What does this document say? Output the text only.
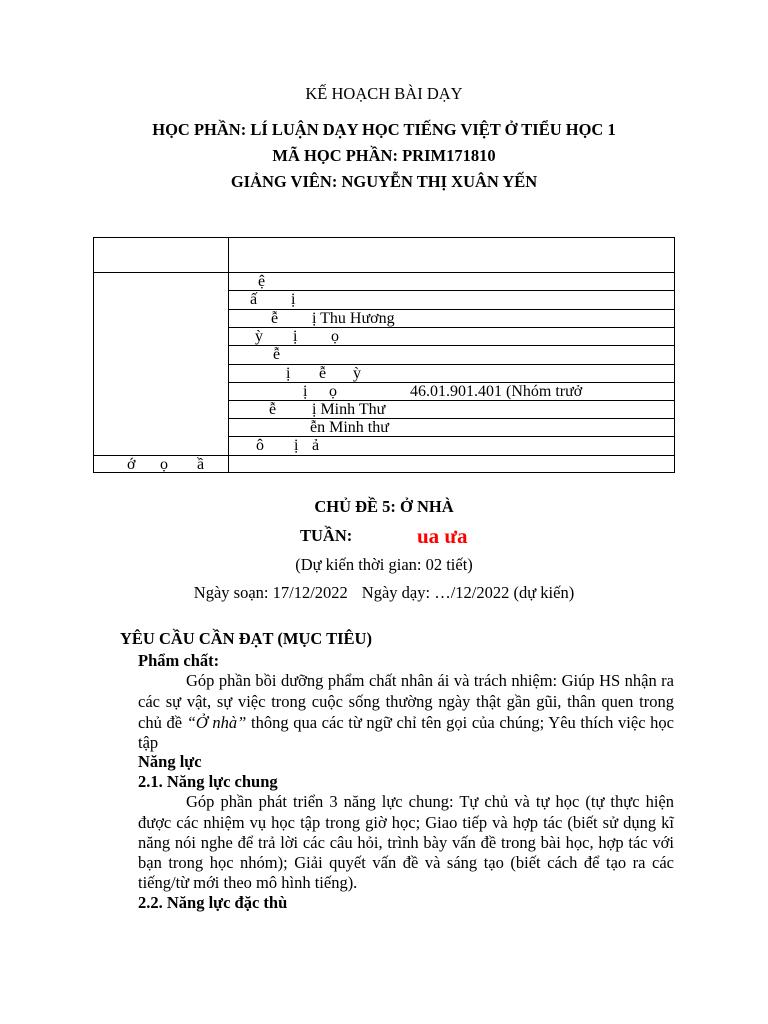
KẾ HOẠCH BÀI DẠY
HỌC PHẦN: LÍ LUẬN DẠY HỌC TIẾNG VIỆT Ở TIỂU HỌC 1
MÃ HỌC PHẦN: PRIM171810
GIẢNG VIÊN: NGUYỄN THỊ XUÂN YẾN
ệ
ấ ị
ễ ị Thu Hương
ỳ ị ọ
ễ
ị ễ ỳ
ị ọ	46.01.901.401 (Nhóm trưở
ễ ị Minh Thư
ễn Minh thư
ô ị ả
ớ ọ ầ
CHỦ ĐỀ 5: Ở NHÀ
TUẦN:	ua ưa
(Dự kiến thời gian: 02 tiết)
Ngày soạn: 17/12/2022 Ngày dạy: …/12/2022 (dự kiến)
YÊU CẦU CẦN ĐẠT (MỤC TIÊU)
Phẩm chất:
Góp phần bồi dưỡng phẩm chất nhân ái và trách nhiệm: Giúp HS nhận ra
các sự vật, sự việc trong cuộc sống thường ngày thật gần gũi, thân quen trong
chủ đề “Ở nhà” thông qua các từ ngữ chỉ tên gọi của chúng; Yêu thích việc học
tập
Năng lực
2.1. Năng lực chung
Góp phần phát triển 3 năng lực chung: Tự chủ và tự học (tự thực hiện
được các nhiệm vụ học tập trong giờ học; Giao tiếp và hợp tác (biết sử dụng kĩ
năng nói nghe để trả lời các câu hỏi, trình bày vấn đề trong bài học, hợp tác với
bạn trong học nhóm); Giải quyết vấn đề và sáng tạo (biết cách để tạo ra các
tiếng/từ mới theo mô hình tiếng).
2.2. Năng lực đặc thù
